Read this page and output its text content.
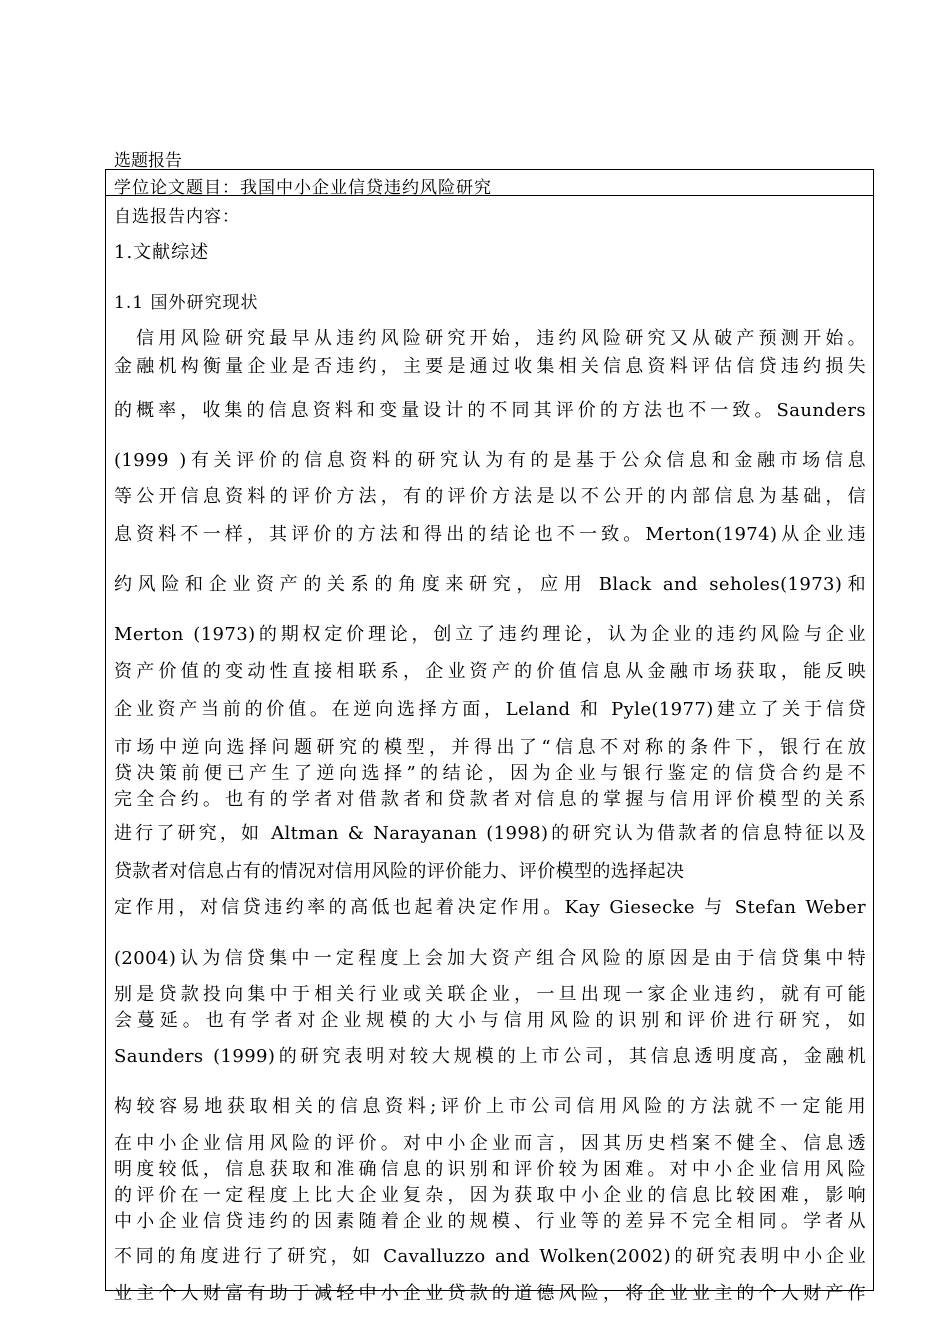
选题报告
学位论文题目：我国中小企业信贷违约风险研究
自选报告内容：
1.文献综述
1.1 国外研究现状
信用风险研究最早从违约风险研究开始，违约风险研究又从破产预测开始。
金融机构衡量企业是否违约，主要是通过收集相关信息资料评估信贷违约损失
的概率，收集的信息资料和变量设计的不同其评价的方法也不一致。Saunders
(1999 )有关评价的信息资料的研究认为有的是基于公众信息和金融市场信息
等公开信息资料的评价方法，有的评价方法是以不公开的内部信息为基础，信
息资料不一样，其评价的方法和得出的结论也不一致。Merton(1974)从企业违
约风险和企业资产的关系的角度来研究，应用 Black and seholes(1973)和
Merton (1973)的期权定价理论，创立了违约理论，认为企业的违约风险与企业
资产价值的变动性直接相联系，企业资产的价值信息从金融市场获取，能反映
企业资产当前的价值。在逆向选择方面，Leland 和 Pyle(1977)建立了关于信贷
市场中逆向选择问题研究的模型，并得出了“信息不对称的条件下，银行在放
贷决策前便已产生了逆向选择”的结论，因为企业与银行鉴定的信贷合约是不
完全合约。也有的学者对借款者和贷款者对信息的掌握与信用评价模型的关系
进行了研究，如 Altman & Narayanan (1998)的研究认为借款者的信息特征以及
贷款者对信息占有的情况对信用风险的评价能力、评价模型的选择起决
定作用，对信贷违约率的高低也起着决定作用。Kay Giesecke 与 Stefan Weber
(2004)认为信贷集中一定程度上会加大资产组合风险的原因是由于信贷集中特
别是贷款投向集中于相关行业或关联企业，一旦出现一家企业违约，就有可能
会蔓延。也有学者对企业规模的大小与信用风险的识别和评价进行研究，如
Saunders (1999)的研究表明对较大规模的上市公司，其信息透明度高，金融机
构较容易地获取相关的信息资料;评价上市公司信用风险的方法就不一定能用
在中小企业信用风险的评价。对中小企业而言，因其历史档案不健全、信息透
明度较低，信息获取和准确信息的识别和评价较为困难。对中小企业信用风险
的评价在一定程度上比大企业复杂，因为获取中小企业的信息比较困难，影响
中小企业信贷违约的因素随着企业的规模、行业等的差异不完全相同。学者从
不同的角度进行了研究，如 Cavalluzzo and Wolken(2002)的研究表明中小企业
业主个人财富有助于减轻中小企业贷款的道德风险，将企业业主的个人财产作
